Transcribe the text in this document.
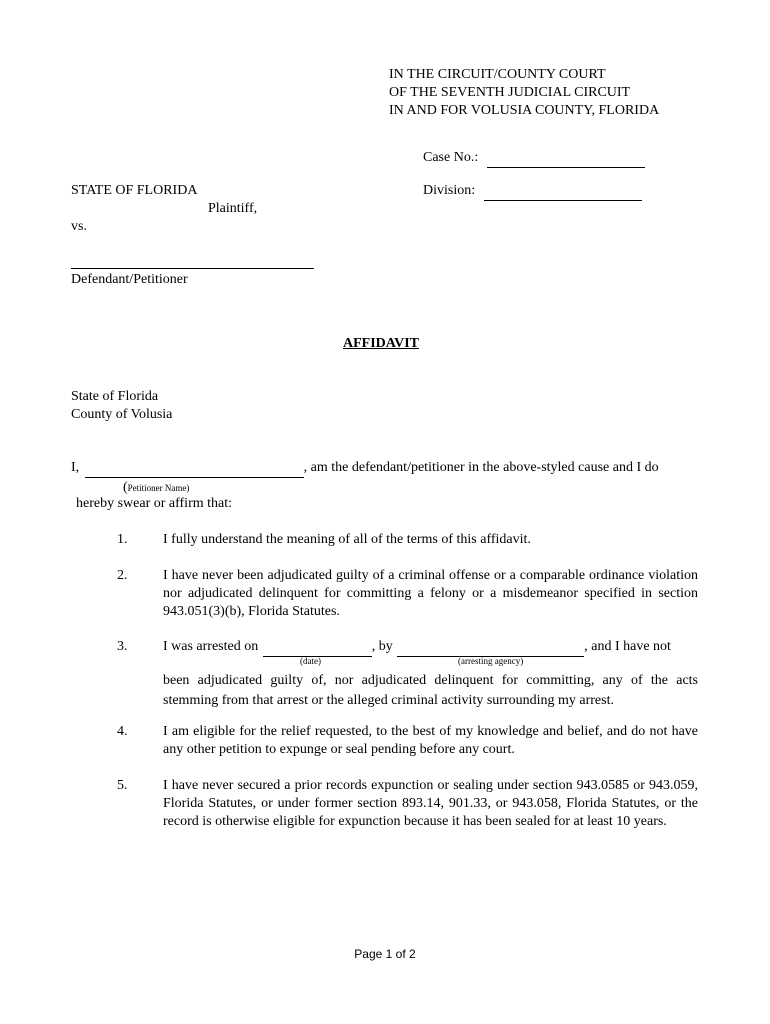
IN THE CIRCUIT/COUNTY COURT
OF THE SEVENTH JUDICIAL CIRCUIT
IN AND FOR VOLUSIA COUNTY, FLORIDA
Case No.:
Division:
STATE OF FLORIDA
Plaintiff,
vs.
Defendant/Petitioner
AFFIDAVIT
State of Florida
County of Volusia
I,	, am the defendant/petitioner in the above-styled cause and I do
(Petitioner Name)
hereby swear or affirm that:
1.	I fully understand the meaning of all of the terms of this affidavit.
2.	I have never been adjudicated guilty of a criminal offense or a comparable ordinance violation nor adjudicated delinquent for committing a felony or a misdemeanor specified in section 943.051(3)(b), Florida Statutes.
3.	I was arrested on	, by	, and I have not
(date)	(arresting agency)
been adjudicated guilty of, nor adjudicated delinquent for committing, any of the acts stemming from that arrest or the alleged criminal activity surrounding my arrest.
4.	I am eligible for the relief requested, to the best of my knowledge and belief, and do not have any other petition to expunge or seal pending before any court.
5.	I have never secured a prior records expunction or sealing under section 943.0585 or 943.059, Florida Statutes, or under former section 893.14, 901.33, or 943.058, Florida Statutes, or the record is otherwise eligible for expunction because it has been sealed for at least 10 years.
Page 1 of 2
